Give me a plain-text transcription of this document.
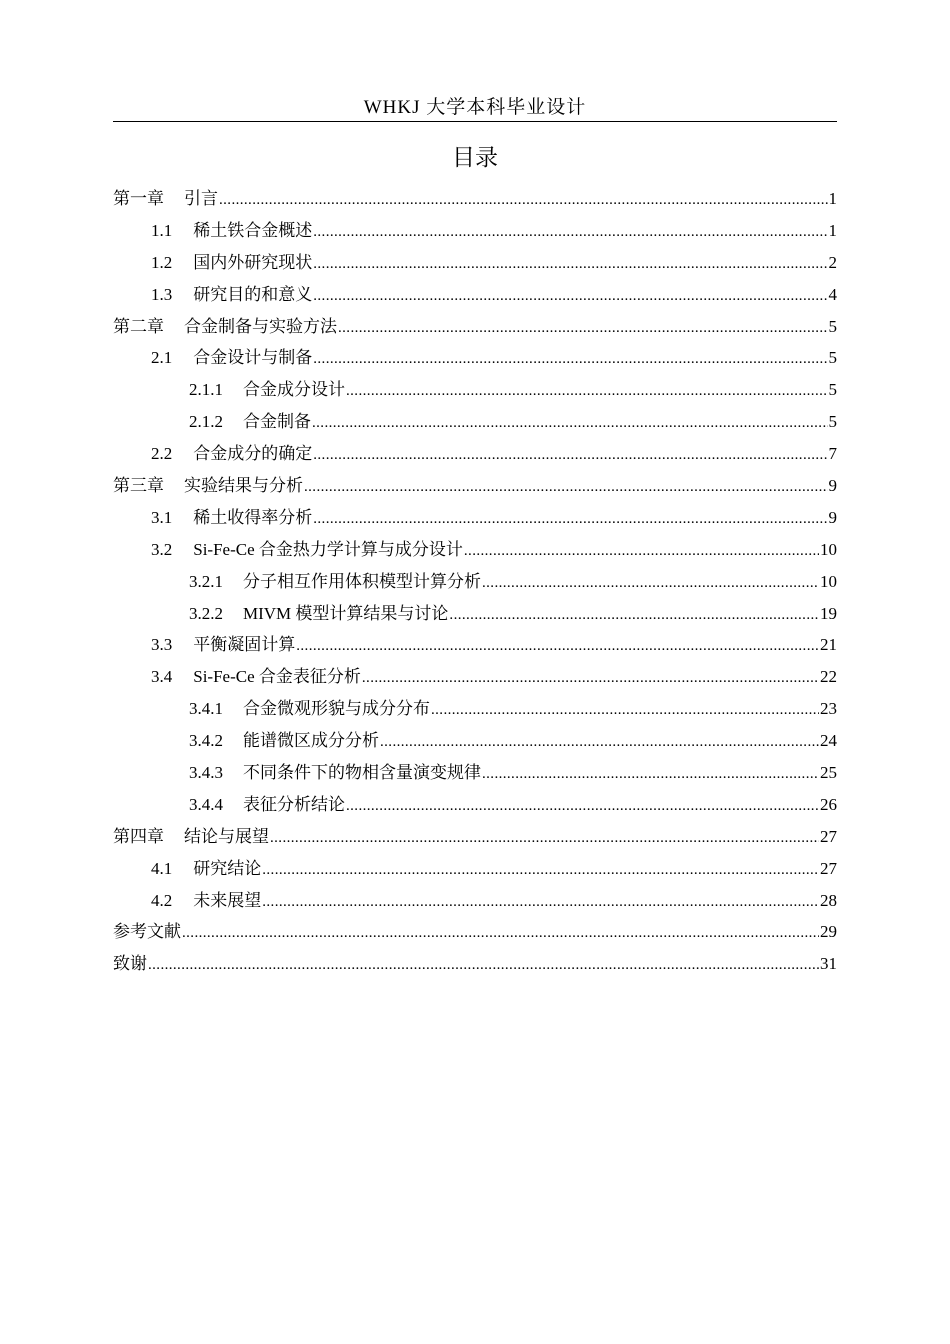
WHKJ 大学本科毕业设计
目录
第一章 引言 .....	1
1.1 稀土铁合金概述 .....	1
1.2 国内外研究现状 .....	2
1.3 研究目的和意义 .....	4
第二章 合金制备与实验方法 .....	5
2.1 合金设计与制备 .....	5
2.1.1 合金成分设计 .....	5
2.1.2 合金制备 .....	5
2.2 合金成分的确定 .....	7
第三章 实验结果与分析 .....	9
3.1 稀土收得率分析 .....	9
3.2 Si-Fe-Ce 合金热力学计算与成分设计 .....	10
3.2.1 分子相互作用体积模型计算分析 .....	10
3.2.2 MIVM 模型计算结果与讨论 .....	19
3.3 平衡凝固计算 .....	21
3.4 Si-Fe-Ce 合金表征分析 .....	22
3.4.1 合金微观形貌与成分分布 .....	23
3.4.2 能谱微区成分分析 .....	24
3.4.3 不同条件下的物相含量演变规律 .....	25
3.4.4 表征分析结论 .....	26
第四章 结论与展望 .....	27
4.1 研究结论 .....	27
4.2 未来展望 .....	28
参考文献 .....	29
致谢 .....	31
